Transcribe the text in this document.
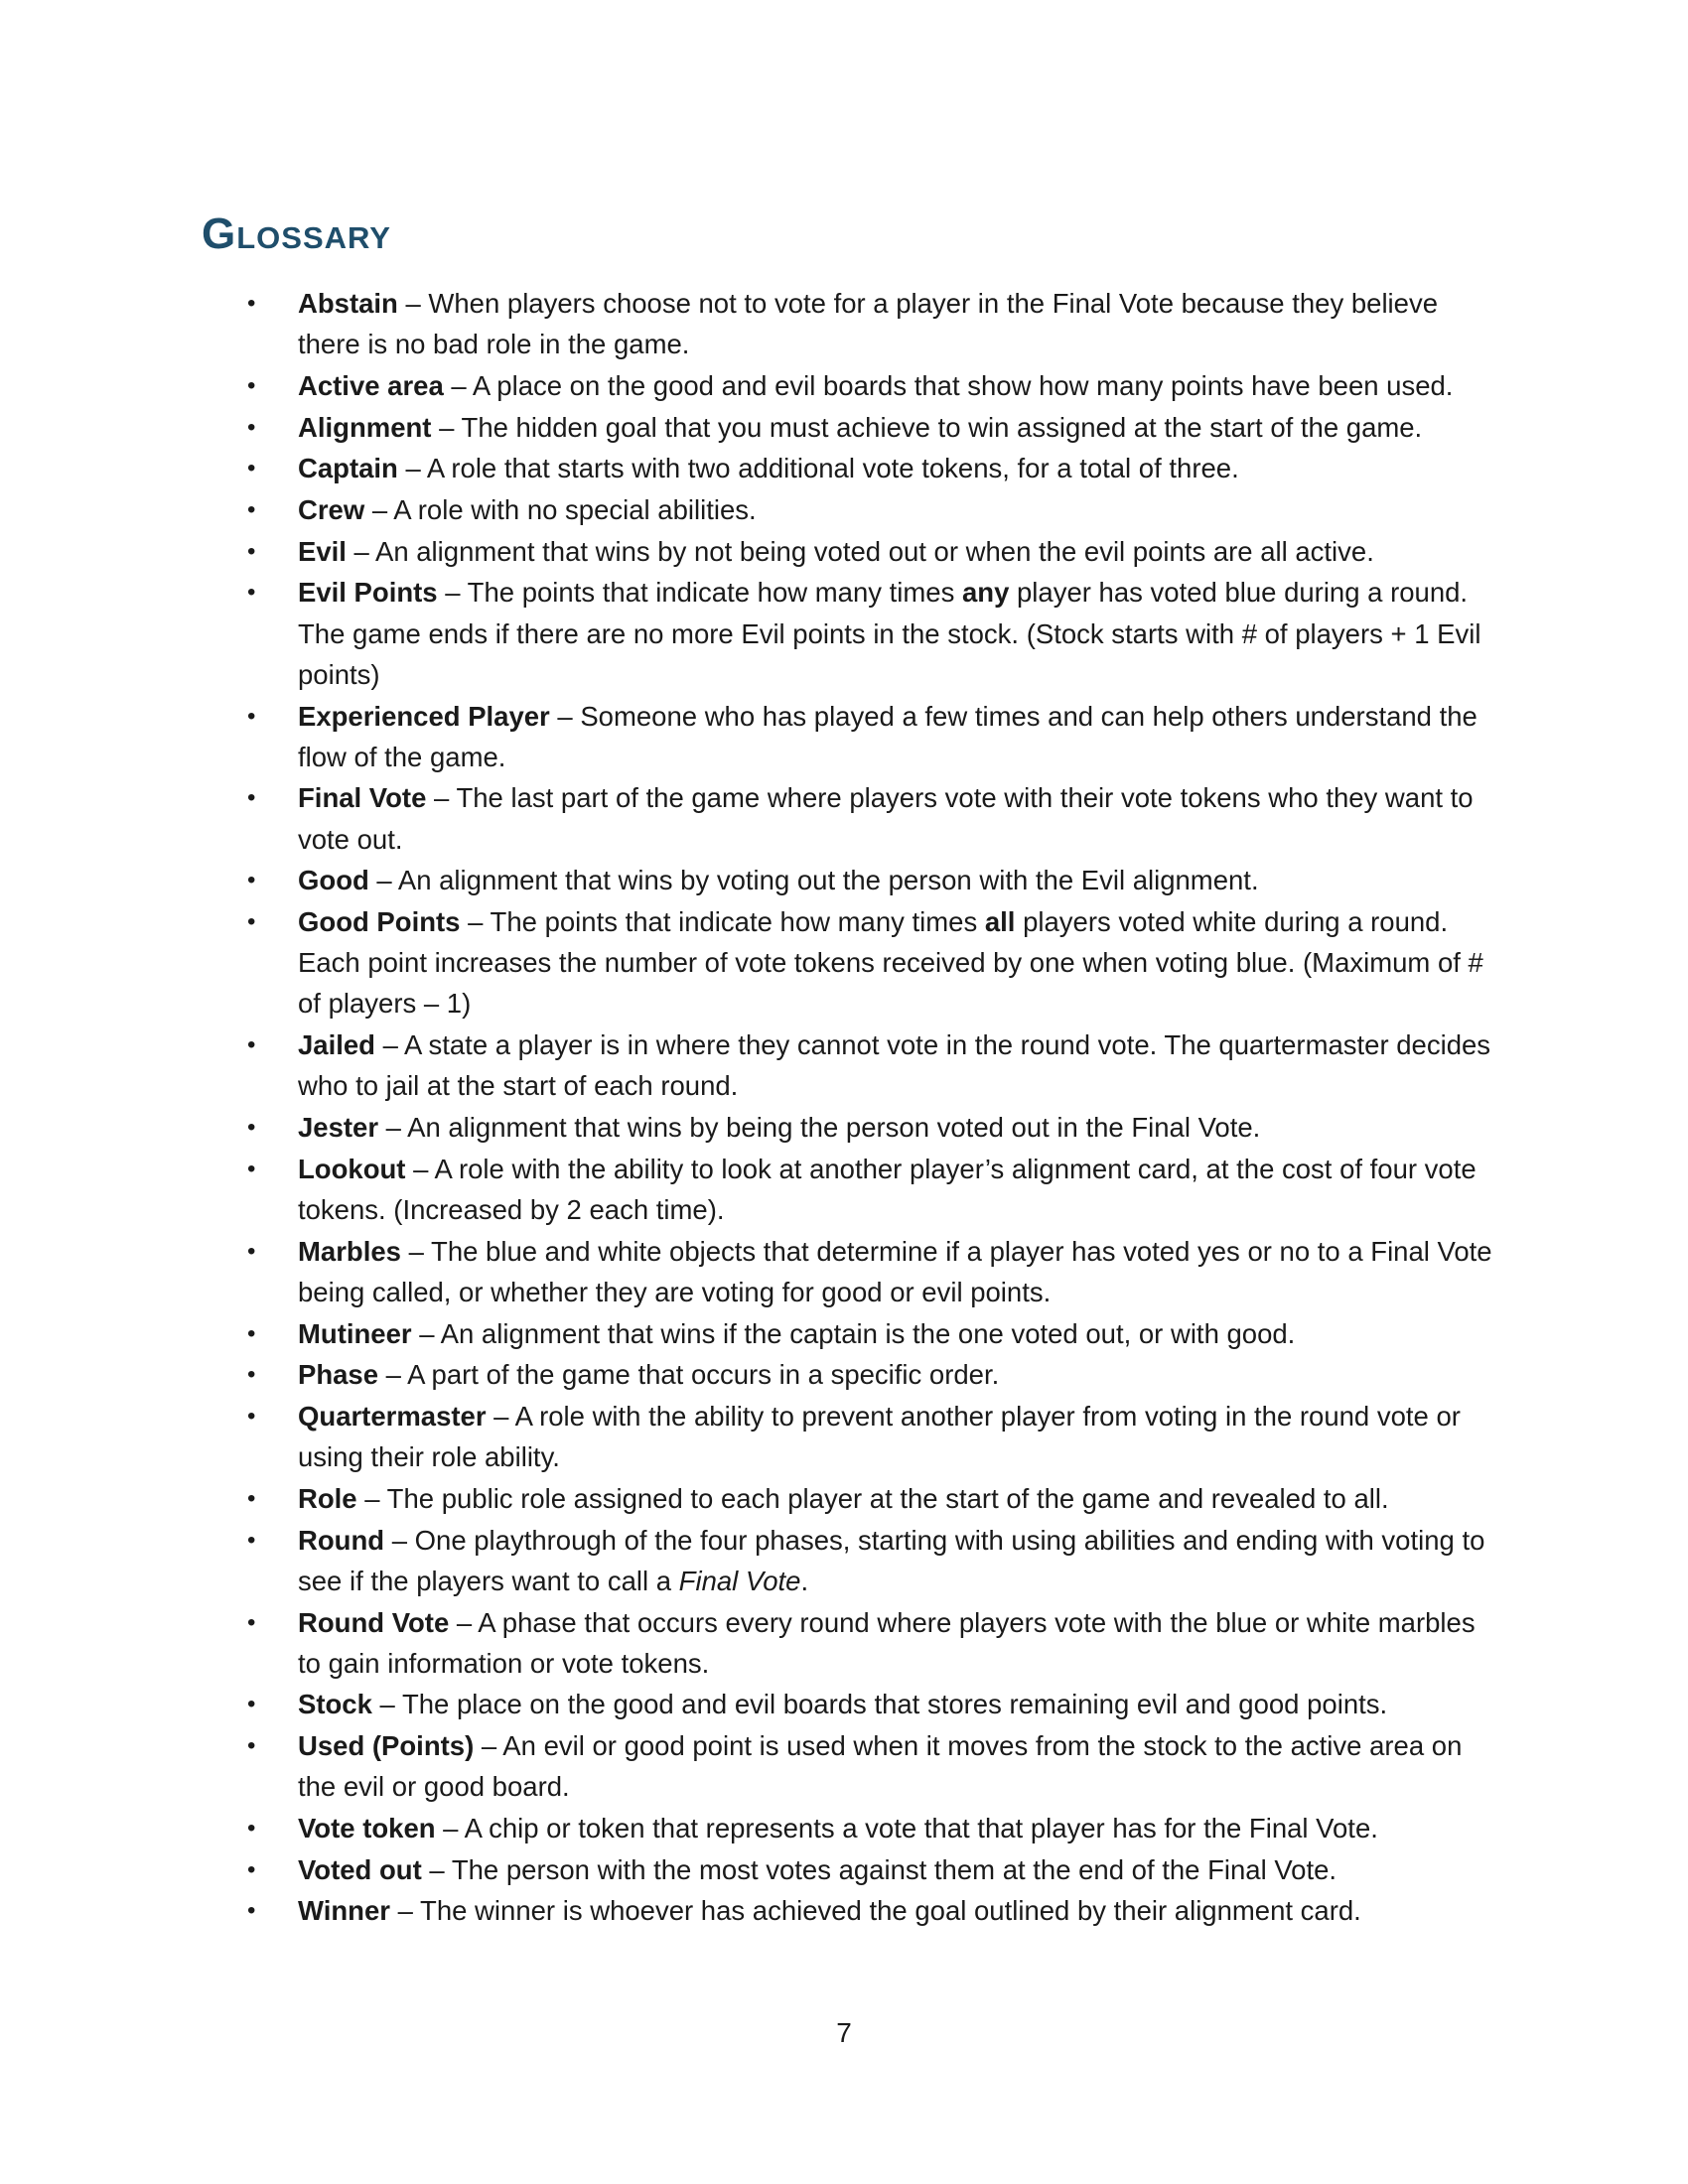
Glossary
• Abstain – When players choose not to vote for a player in the Final Vote because they believe there is no bad role in the game.
• Active area – A place on the good and evil boards that show how many points have been used.
• Alignment – The hidden goal that you must achieve to win assigned at the start of the game.
• Captain – A role that starts with two additional vote tokens, for a total of three.
• Crew – A role with no special abilities.
• Evil – An alignment that wins by not being voted out or when the evil points are all active.
• Evil Points – The points that indicate how many times any player has voted blue during a round. The game ends if there are no more Evil points in the stock. (Stock starts with # of players + 1 Evil points)
• Experienced Player – Someone who has played a few times and can help others understand the flow of the game.
• Final Vote – The last part of the game where players vote with their vote tokens who they want to vote out.
• Good – An alignment that wins by voting out the person with the Evil alignment.
• Good Points – The points that indicate how many times all players voted white during a round. Each point increases the number of vote tokens received by one when voting blue. (Maximum of # of players – 1)
• Jailed – A state a player is in where they cannot vote in the round vote. The quartermaster decides who to jail at the start of each round.
• Jester – An alignment that wins by being the person voted out in the Final Vote.
• Lookout – A role with the ability to look at another player’s alignment card, at the cost of four vote tokens. (Increased by 2 each time).
• Marbles – The blue and white objects that determine if a player has voted yes or no to a Final Vote being called, or whether they are voting for good or evil points.
• Mutineer – An alignment that wins if the captain is the one voted out, or with good.
• Phase – A part of the game that occurs in a specific order.
• Quartermaster – A role with the ability to prevent another player from voting in the round vote or using their role ability.
• Role – The public role assigned to each player at the start of the game and revealed to all.
• Round – One playthrough of the four phases, starting with using abilities and ending with voting to see if the players want to call a Final Vote.
• Round Vote – A phase that occurs every round where players vote with the blue or white marbles to gain information or vote tokens.
• Stock – The place on the good and evil boards that stores remaining evil and good points.
• Used (Points) – An evil or good point is used when it moves from the stock to the active area on the evil or good board.
• Vote token – A chip or token that represents a vote that that player has for the Final Vote.
• Voted out – The person with the most votes against them at the end of the Final Vote.
• Winner – The winner is whoever has achieved the goal outlined by their alignment card.
7
